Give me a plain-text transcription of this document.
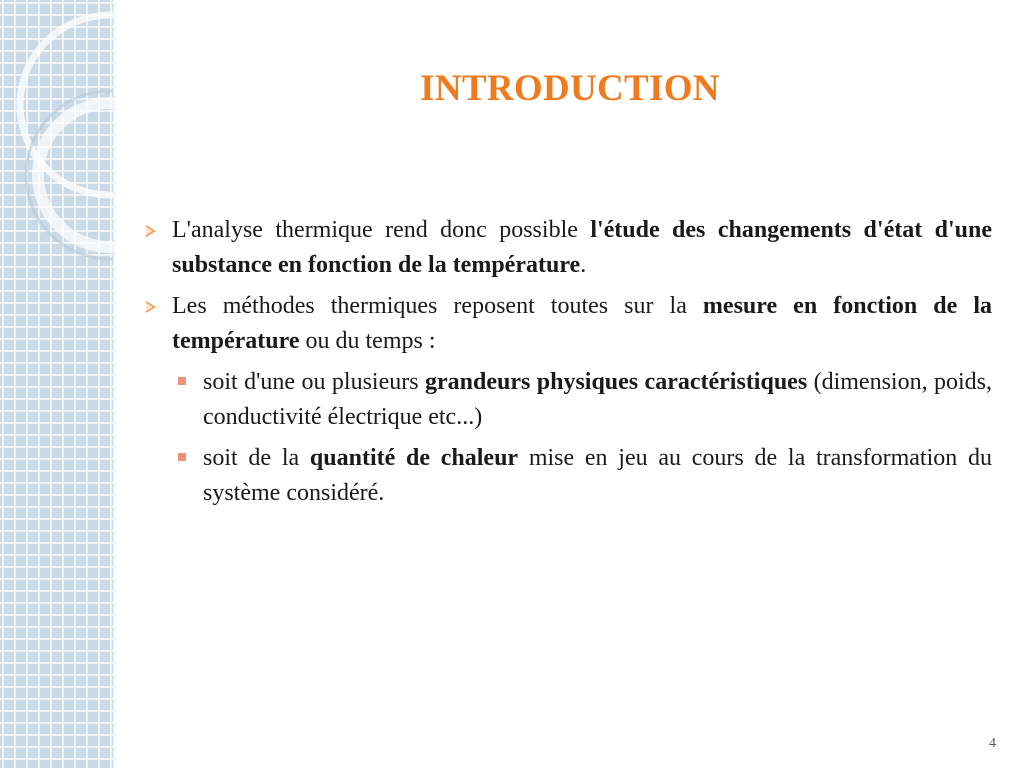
INTRODUCTION
L'analyse thermique rend donc possible l'étude des changements d'état d'une substance en fonction de la température.
Les méthodes thermiques reposent toutes sur la mesure en fonction de la température ou du temps :
soit d'une ou plusieurs grandeurs physiques caractéristiques (dimension, poids, conductivité électrique etc...)
soit de la quantité de chaleur mise en jeu au cours de la transformation du système considéré.
4
